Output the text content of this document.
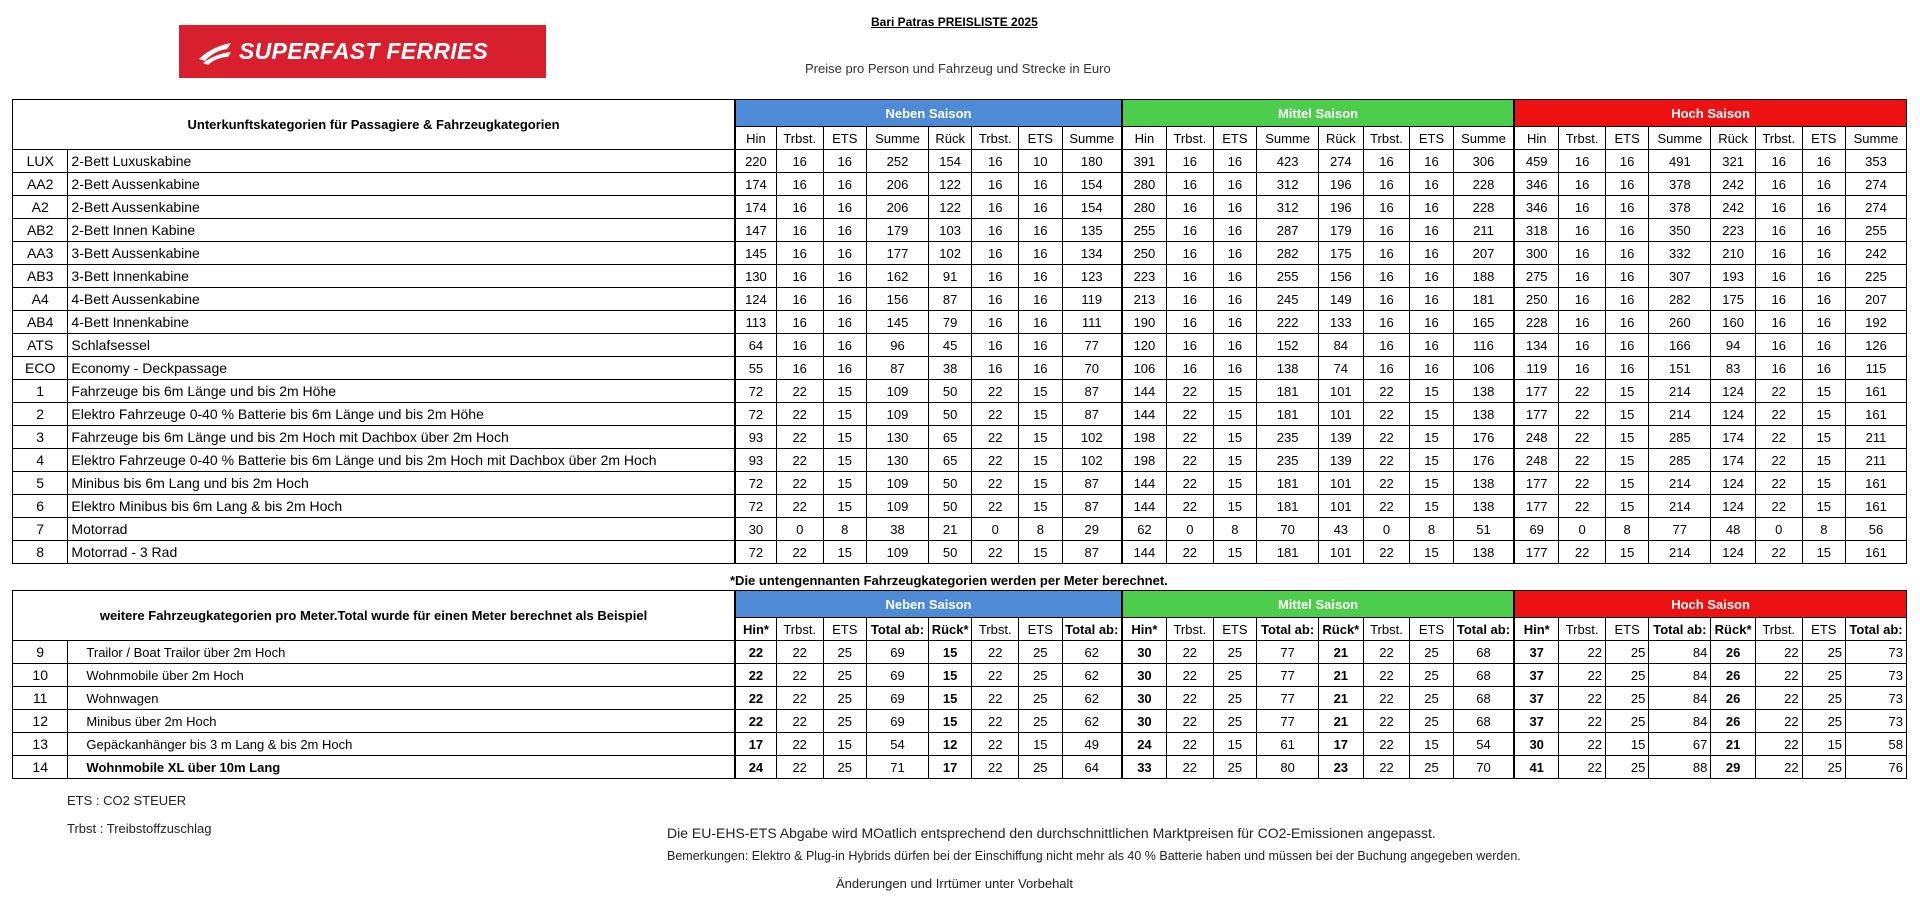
SUPERFAST FERRIES
Bari Patras PREISLISTE 2025
Preise pro Person und Fahrzeug und Strecke in Euro
Unterkunftskategorien für Passagiere & Fahrzeugkategorien		Neben Saison								Mittel Saison								Hoch Saison							
		Hin	Trbst.	ETS	Summe	Rück	Trbst.	ETS	Summe	Hin	Trbst.	ETS	Summe	Rück	Trbst.	ETS	Summe	Hin	Trbst.	ETS	Summe	Rück	Trbst.	ETS	Summe
LUX	2-Bett Luxuskabine	220	16	16	252	154	16	10	180	391	16	16	423	274	16	16	306	459	16	16	491	321	16	16	353
AA2	2-Bett Aussenkabine	174	16	16	206	122	16	16	154	280	16	16	312	196	16	16	228	346	16	16	378	242	16	16	274
A2	2-Bett Aussenkabine	174	16	16	206	122	16	16	154	280	16	16	312	196	16	16	228	346	16	16	378	242	16	16	274
AB2	2-Bett Innen Kabine	147	16	16	179	103	16	16	135	255	16	16	287	179	16	16	211	318	16	16	350	223	16	16	255
AA3	3-Bett Aussenkabine	145	16	16	177	102	16	16	134	250	16	16	282	175	16	16	207	300	16	16	332	210	16	16	242
AB3	3-Bett Innenkabine	130	16	16	162	91	16	16	123	223	16	16	255	156	16	16	188	275	16	16	307	193	16	16	225
A4	4-Bett Aussenkabine	124	16	16	156	87	16	16	119	213	16	16	245	149	16	16	181	250	16	16	282	175	16	16	207
AB4	4-Bett Innenkabine	113	16	16	145	79	16	16	111	190	16	16	222	133	16	16	165	228	16	16	260	160	16	16	192
ATS	Schlafsessel	64	16	16	96	45	16	16	77	120	16	16	152	84	16	16	116	134	16	16	166	94	16	16	126
ECO	Economy - Deckpassage	55	16	16	87	38	16	16	70	106	16	16	138	74	16	16	106	119	16	16	151	83	16	16	115
1	Fahrzeuge bis 6m Länge und bis 2m Höhe	72	22	15	109	50	22	15	87	144	22	15	181	101	22	15	138	177	22	15	214	124	22	15	161
2	Elektro Fahrzeuge 0-40 % Batterie bis 6m Länge und bis 2m Höhe	72	22	15	109	50	22	15	87	144	22	15	181	101	22	15	138	177	22	15	214	124	22	15	161
3	Fahrzeuge bis 6m Länge und bis 2m Hoch mit Dachbox über 2m Hoch	93	22	15	130	65	22	15	102	198	22	15	235	139	22	15	176	248	22	15	285	174	22	15	211
4	Elektro Fahrzeuge 0-40 % Batterie bis 6m Länge und bis 2m Hoch mit Dachbox über 2m Hoch	93	22	15	130	65	22	15	102	198	22	15	235	139	22	15	176	248	22	15	285	174	22	15	211
5	Minibus bis 6m Lang und bis 2m Hoch	72	22	15	109	50	22	15	87	144	22	15	181	101	22	15	138	177	22	15	214	124	22	15	161
6	Elektro Minibus bis 6m Lang & bis 2m Hoch	72	22	15	109	50	22	15	87	144	22	15	181	101	22	15	138	177	22	15	214	124	22	15	161
7	Motorrad	30	0	8	38	21	0	8	29	62	0	8	70	43	0	8	51	69	0	8	77	48	0	8	56
8	Motorrad - 3 Rad	72	22	15	109	50	22	15	87	144	22	15	181	101	22	15	138	177	22	15	214	124	22	15	161
*Die untengennanten Fahrzeugkategorien werden per Meter berechnet.
weitere Fahrzeugkategorien pro Meter.Total wurde für einen Meter berechnet als Beispiel		Neben Saison								Mittel Saison								Hoch Saison							
		Hin*	Trbst.	ETS	Total ab:	Rück*	Trbst.	ETS	Total ab:	Hin*	Trbst.	ETS	Total ab:	Rück*	Trbst.	ETS	Total ab:	Hin*	Trbst.	ETS	Total ab:	Rück*	Trbst.	ETS	Total ab:
9	Trailor / Boat Trailor über 2m Hoch	22	22	25	69	15	22	25	62	30	22	25	77	21	22	25	68	37	22	25	84	26	22	25	73
10	Wohnmobile über 2m Hoch	22	22	25	69	15	22	25	62	30	22	25	77	21	22	25	68	37	22	25	84	26	22	25	73
11	Wohnwagen	22	22	25	69	15	22	25	62	30	22	25	77	21	22	25	68	37	22	25	84	26	22	25	73
12	Minibus über 2m Hoch	22	22	25	69	15	22	25	62	30	22	25	77	21	22	25	68	37	22	25	84	26	22	25	73
13	Gepäckanhänger bis 3 m Lang & bis 2m Hoch	17	22	15	54	12	22	15	49	24	22	15	61	17	22	15	54	30	22	15	67	21	22	15	58
14	Wohnmobile XL über 10m Lang	24	22	25	71	17	22	25	64	33	22	25	80	23	22	25	70	41	22	25	88	29	22	25	76
ETS : CO2 STEUER
Trbst : Treibstoffzuschlag	Die EU-EHS-ETS Abgabe wird MOatlich entsprechend den durchschnittlichen Marktpreisen für CO2-Emissionen angepasst.
Bemerkungen: Elektro & Plug-in Hybrids dürfen bei der Einschiffung nicht mehr als 40 % Batterie haben und müssen bei der Buchung angegeben werden.
Änderungen und Irrtümer unter Vorbehalt
